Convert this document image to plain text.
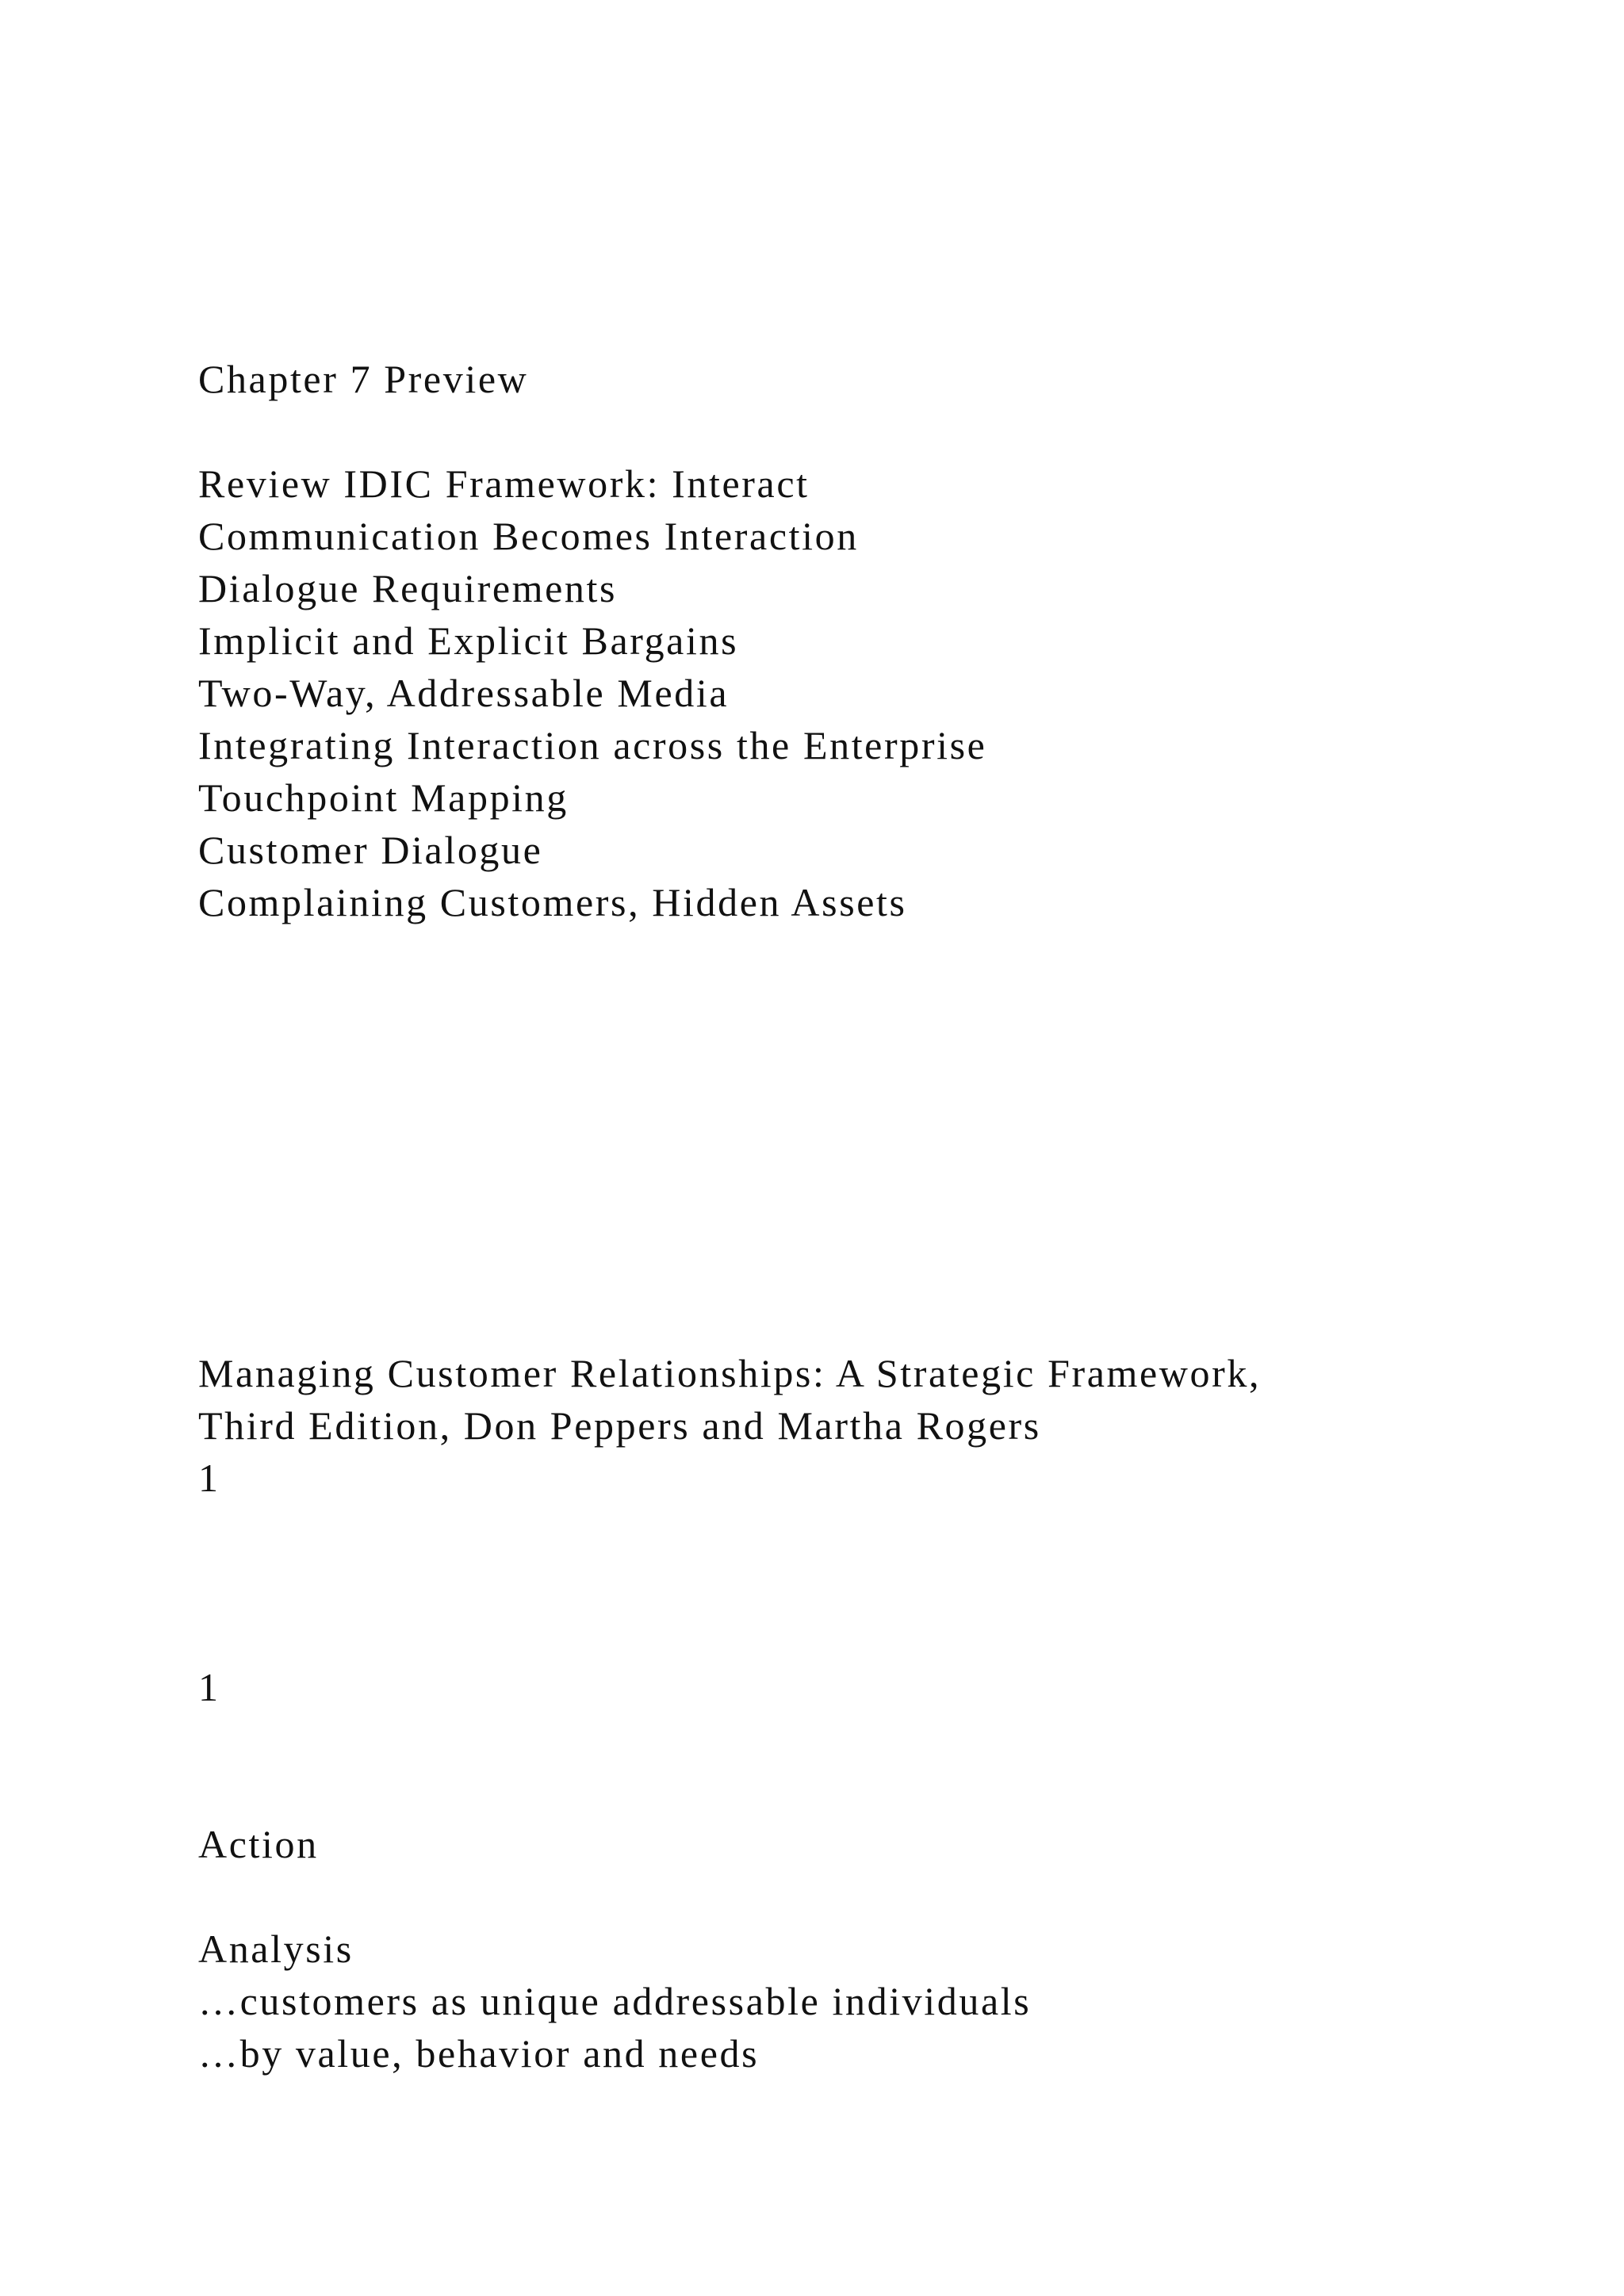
Chapter 7 Preview
Review IDIC Framework: Interact
Communication Becomes Interaction
Dialogue Requirements
Implicit and Explicit Bargains
Two-Way, Addressable Media
Integrating Interaction across the Enterprise
Touchpoint Mapping
Customer Dialogue
Complaining Customers, Hidden Assets
Managing Customer Relationships: A Strategic Framework,
Third Edition, Don Peppers and Martha Rogers
1
1
Action
Analysis
…customers as unique addressable individuals
…by value, behavior and needs
